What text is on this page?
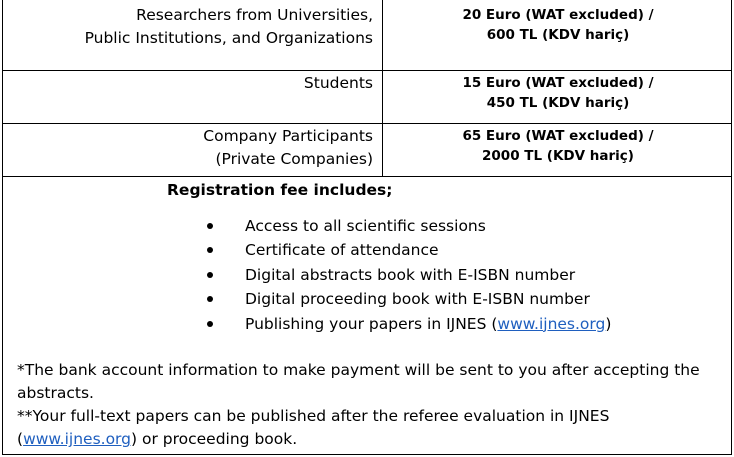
Researchers from Universities,
Public Institutions, and Organizations
20 Euro (WAT excluded) /
600 TL (KDV hariç)
Students	15 Euro (WAT excluded) /
450 TL (KDV hariç)
Company Participants
(Private Companies)
65 Euro (WAT excluded) /
2000 TL (KDV hariç)
Registration fee includes;
Access to all scientific sessions
Certificate of attendance
Digital abstracts book with E-ISBN number
Digital proceeding book with E-ISBN number
Publishing your papers in IJNES (www.ijnes.org)
*The bank account information to make payment will be sent to you after accepting the
abstracts.
**Your full-text papers can be published after the referee evaluation in IJNES
(www.ijnes.org) or proceeding book.
